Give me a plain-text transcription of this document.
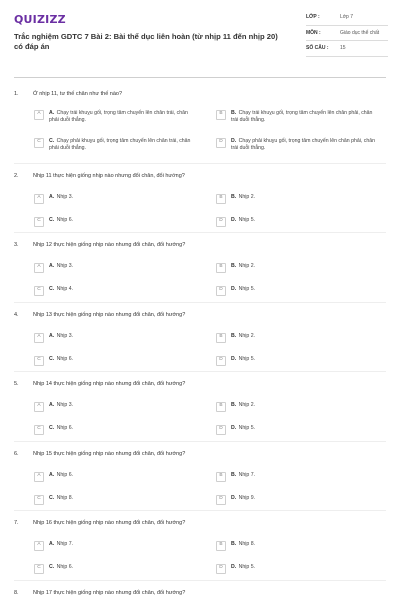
QUIZIZZ
Trắc nghiệm GDTC 7 Bài 2: Bài thể dục liên hoàn (từ nhịp 11 đến nhịp 20) có đáp án
LỚP :	Lớp 7
MÔN :	Giáo dục thể chất
SỐ CÂU :	15
1.	Ở nhịp 11, tư thế chân như thế nào?
A	A. Chạy trái khuỵu gối, trọng tâm chuyển lên chân trái, chân phải duỗi thẳng.
B	B. Chạy trái khuỵu gối, trọng tâm chuyển lên chân phải, chân trái duỗi thẳng.
C	C. Chạy phải khuỵu gối, trọng tâm chuyển lên chân trái, chân phải duỗi thẳng.
D	D. Chạy phải khuỵu gối, trọng tâm chuyển lên chân phải, chân trái duỗi thẳng.
2.	Nhịp 11 thực hiện giống nhịp nào nhưng đổi chân, đổi hướng?
A	A. Nhịp 3.	B	B. Nhịp 2.
C	C. Nhịp 6.	D	D. Nhịp 5.
3.	Nhịp 12 thực hiện giống nhịp nào nhưng đổi chân, đổi hướng?
A	A. Nhịp 3.	B	B. Nhịp 2.
C	C. Nhịp 4.	D	D. Nhịp 5.
4.	Nhịp 13 thực hiện giống nhịp nào nhưng đổi chân, đổi hướng?
A	A. Nhịp 3.	B	B. Nhịp 2.
C	C. Nhịp 6.	D	D. Nhịp 5.
5.	Nhịp 14 thực hiện giống nhịp nào nhưng đổi chân, đổi hướng?
A	A. Nhịp 3.	B	B. Nhịp 2.
C	C. Nhịp 6.	D	D. Nhịp 5.
6.	Nhịp 15 thực hiện giống nhịp nào nhưng đổi chân, đổi hướng?
A	A. Nhịp 6.	B	B. Nhịp 7.
C	C. Nhịp 8.	D	D. Nhịp 9.
7.	Nhịp 16 thực hiện giống nhịp nào nhưng đổi chân, đổi hướng?
A	A. Nhịp 7.	B	B. Nhịp 8.
C	C. Nhịp 6.	D	D. Nhịp 5.
8.	Nhịp 17 thực hiện giống nhịp nào nhưng đổi chân, đổi hướng?
